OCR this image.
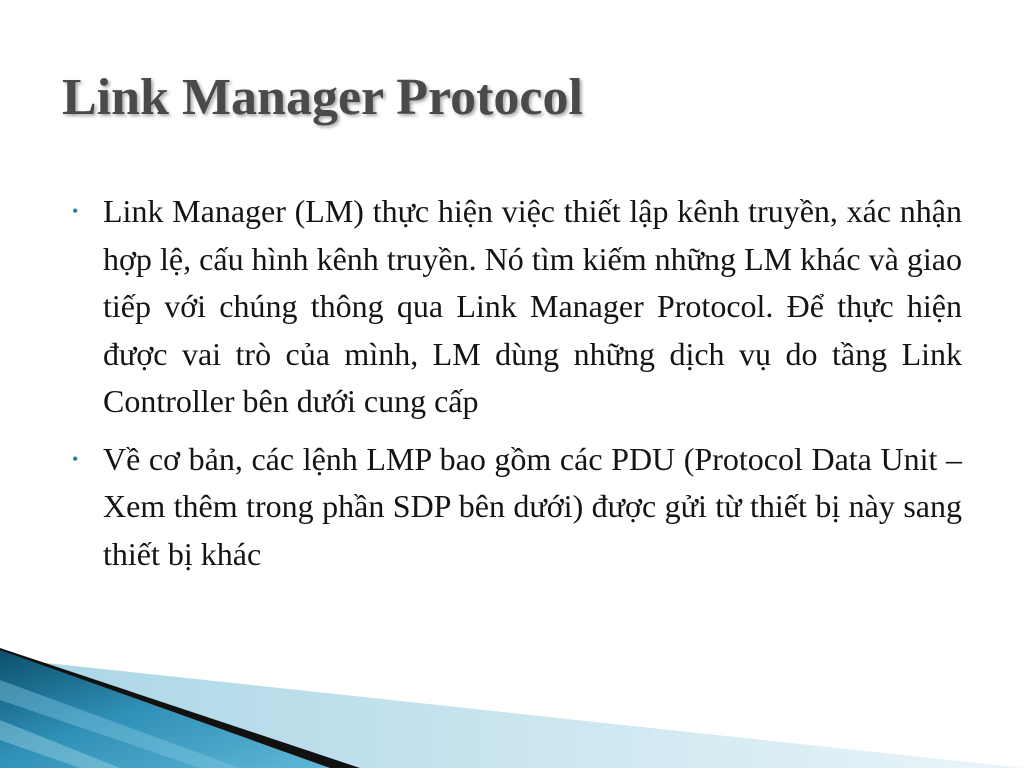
Link Manager Protocol
• Link Manager (LM) thực hiện việc thiết lập kênh truyền, xác nhận hợp lệ, cấu hình kênh truyền. Nó tìm kiếm những LM khác và giao tiếp với chúng thông qua Link Manager Protocol. Để thực hiện được vai trò của mình, LM dùng những dịch vụ do tầng Link Controller bên dưới cung cấp
• Về cơ bản, các lệnh LMP bao gồm các PDU (Protocol Data Unit – Xem thêm trong phần SDP bên dưới) được gửi từ thiết bị này sang thiết bị khác
